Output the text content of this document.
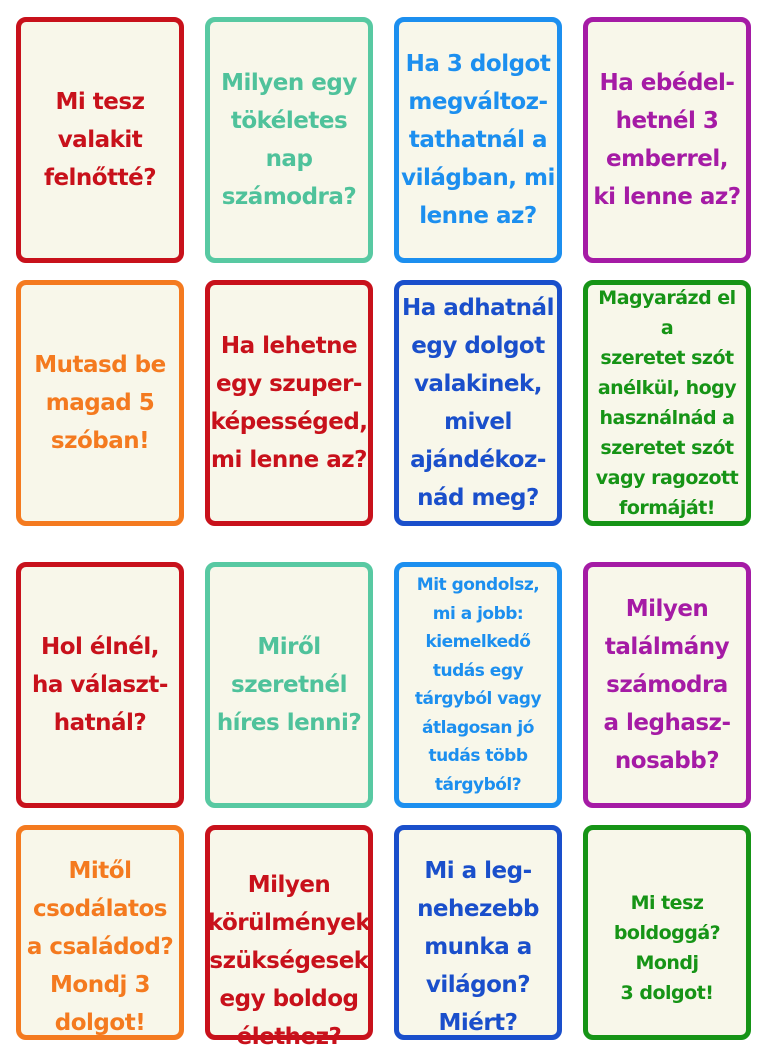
Mi tesz
valakit
felnőtté?
Milyen egy
tökéletes
nap
számodra?
Ha 3 dolgot
megváltoz-
tathatnál a
világban, mi
lenne az?
Ha ebédel-
hetnél 3
emberrel,
ki lenne az?
Mutasd be
magad 5
szóban!
Ha lehetne
egy szuper-
képességed,
mi lenne az?
Ha adhatnál
egy dolgot
valakinek,
mivel
ajándékoz-
nád meg?
Magyarázd el a
szeretet szót
anélkül, hogy
használnád a
szeretet szót
vagy ragozott
formáját!
Hol élnél,
ha választ-
hatnál?
Miről
szeretnél
híres lenni?
Mit gondolsz,
mi a jobb:
kiemelkedő
tudás egy
tárgyból vagy
átlagosan jó
tudás több
tárgyból?
Milyen
találmány
számodra
a leghasz-
nosabb?
Mitől
csodálatos
a családod?
Mondj 3
dolgot!
Milyen
körülmények
szükségesek
egy boldog
élethez?
Mi a leg-
nehezebb
munka a
világon?
Miért?
Mi tesz
boldoggá?
Mondj
3 dolgot!
